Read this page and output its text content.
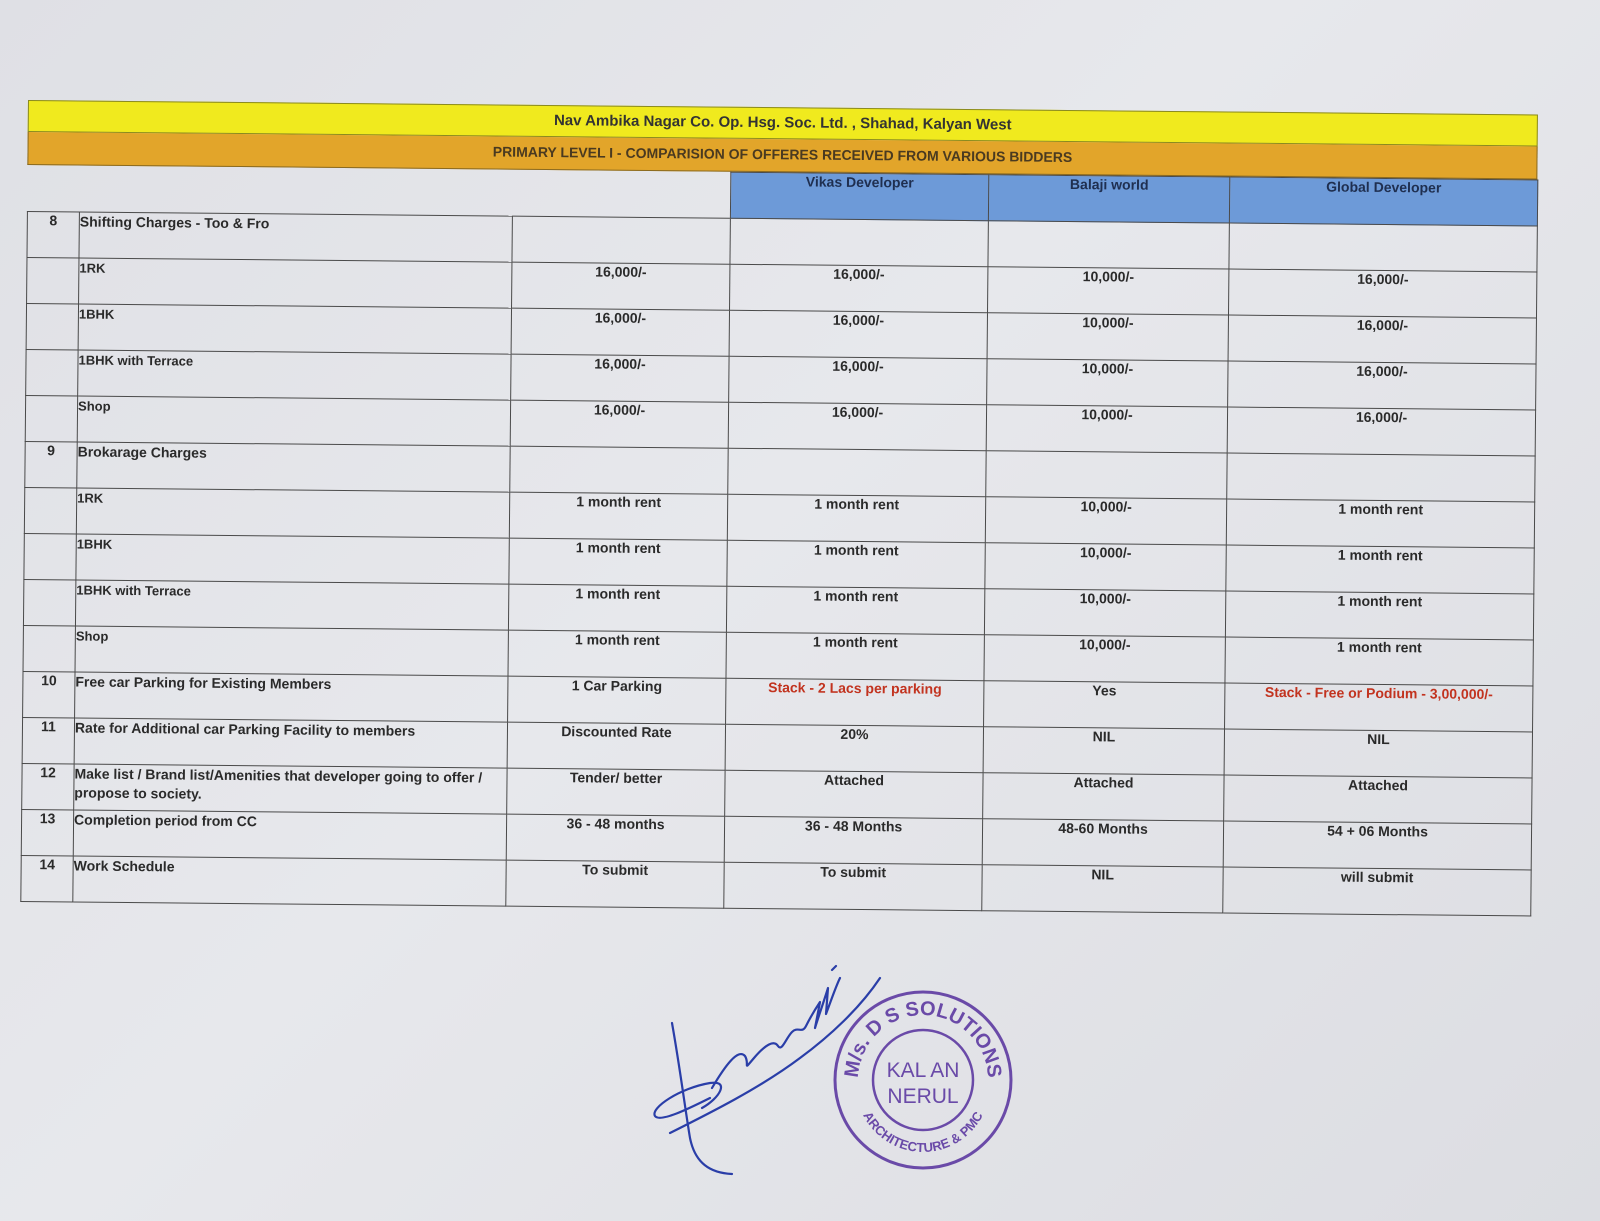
Nav Ambika Nagar Co. Op. Hsg. Soc. Ltd. , Shahad, Kalyan West
PRIMARY LEVEL I - COMPARISION OF OFFERES RECEIVED FROM VARIOUS BIDDERS
			Vikas Developer	Balaji world	Global Developer
8	Shifting Charges - Too & Fro				
	1RK	16,000/-	16,000/-	10,000/-	16,000/-
	1BHK	16,000/-	16,000/-	10,000/-	16,000/-
	1BHK with Terrace	16,000/-	16,000/-	10,000/-	16,000/-
	Shop	16,000/-	16,000/-	10,000/-	16,000/-
9	Brokarage Charges				
	1RK	1 month rent	1 month rent	10,000/-	1 month rent
	1BHK	1 month rent	1 month rent	10,000/-	1 month rent
	1BHK with Terrace	1 month rent	1 month rent	10,000/-	1 month rent
	Shop	1 month rent	1 month rent	10,000/-	1 month rent
10	Free car Parking for Existing Members	1 Car Parking	Stack - 2 Lacs per parking	Yes	Stack - Free or Podium - 3,00,000/-
11	Rate for Additional car Parking Facility to members	Discounted Rate	20%	NIL	NIL
12	Make list / Brand list/Amenities that developer going to offer / propose to society.	Tender/ better	Attached	Attached	Attached
13	Completion period from CC	36 - 48 months	36 - 48 Months	48-60 Months	54 + 06 Months
14	Work Schedule	To submit	To submit	NIL	will submit
M/s. D S SOLUTIONS
ARCHITECTURE & PMC
KAL AN
NERUL
